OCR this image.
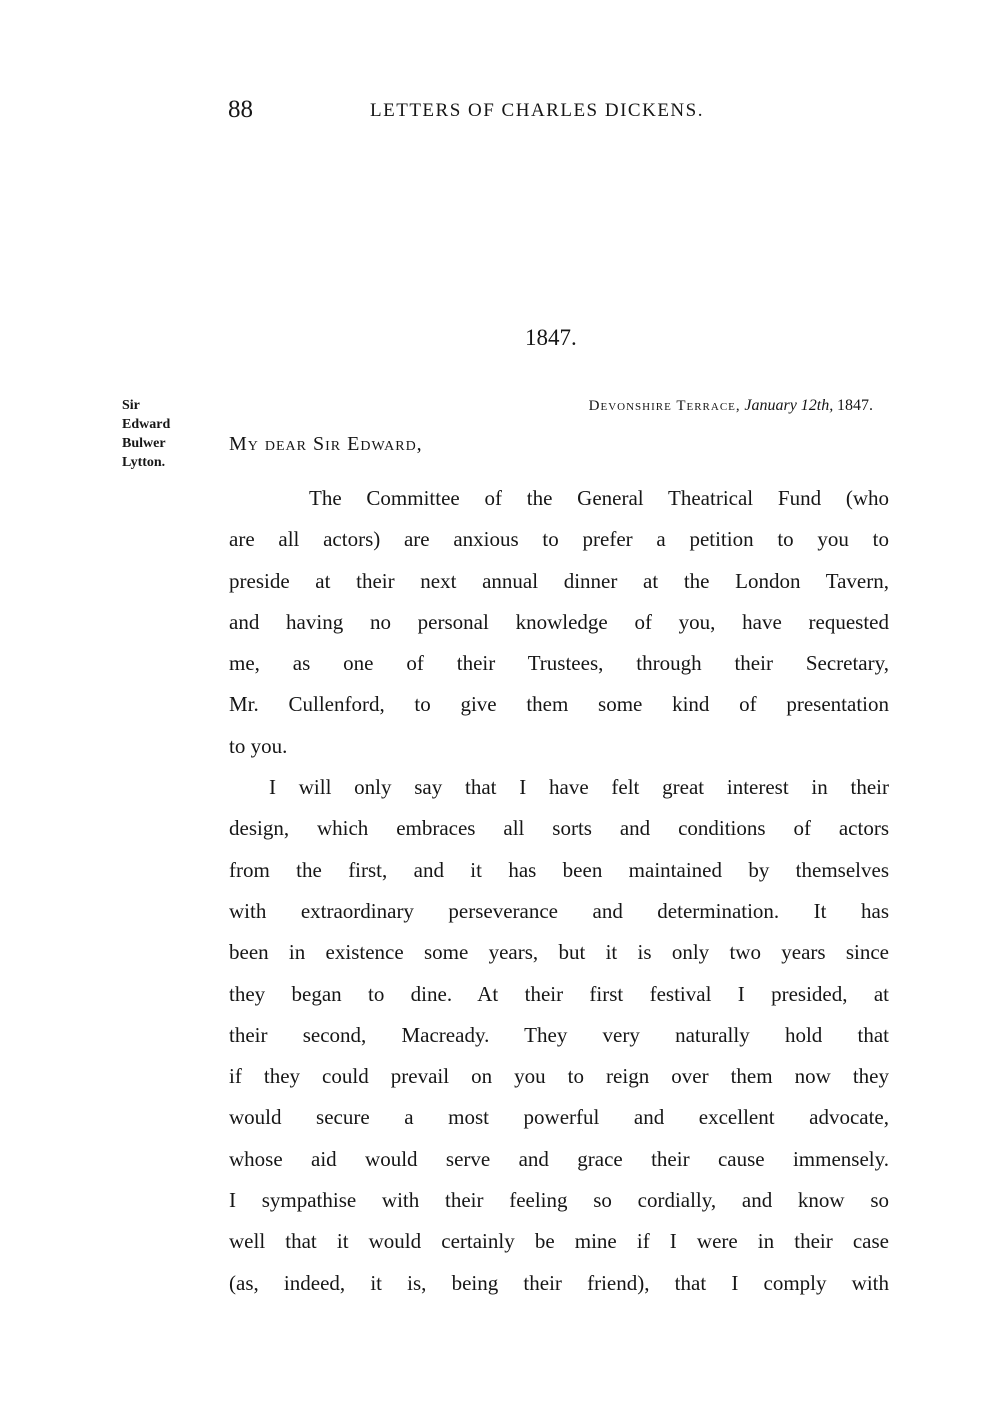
88	LETTERS OF CHARLES DICKENS.
1847.
Sir
Edward
Bulwer
Lytton.
Devonshire Terrace, January 12th, 1847.
My dear Sir Edward,
The Committee of the General Theatrical Fund (who
are all actors) are anxious to prefer a petition to you to
preside at their next annual dinner at the London Tavern,
and having no personal knowledge of you, have requested
me, as one of their Trustees, through their Secretary,
Mr. Cullenford, to give them some kind of presentation
to you.
I will only say that I have felt great interest in their
design, which embraces all sorts and conditions of actors
from the first, and it has been maintained by themselves
with extraordinary perseverance and determination. It has
been in existence some years, but it is only two years since
they began to dine. At their first festival I presided, at
their second, Macready. They very naturally hold that
if they could prevail on you to reign over them now they
would secure a most powerful and excellent advocate,
whose aid would serve and grace their cause immensely.
I sympathise with their feeling so cordially, and know so
well that it would certainly be mine if I were in their case
(as, indeed, it is, being their friend), that I comply with
